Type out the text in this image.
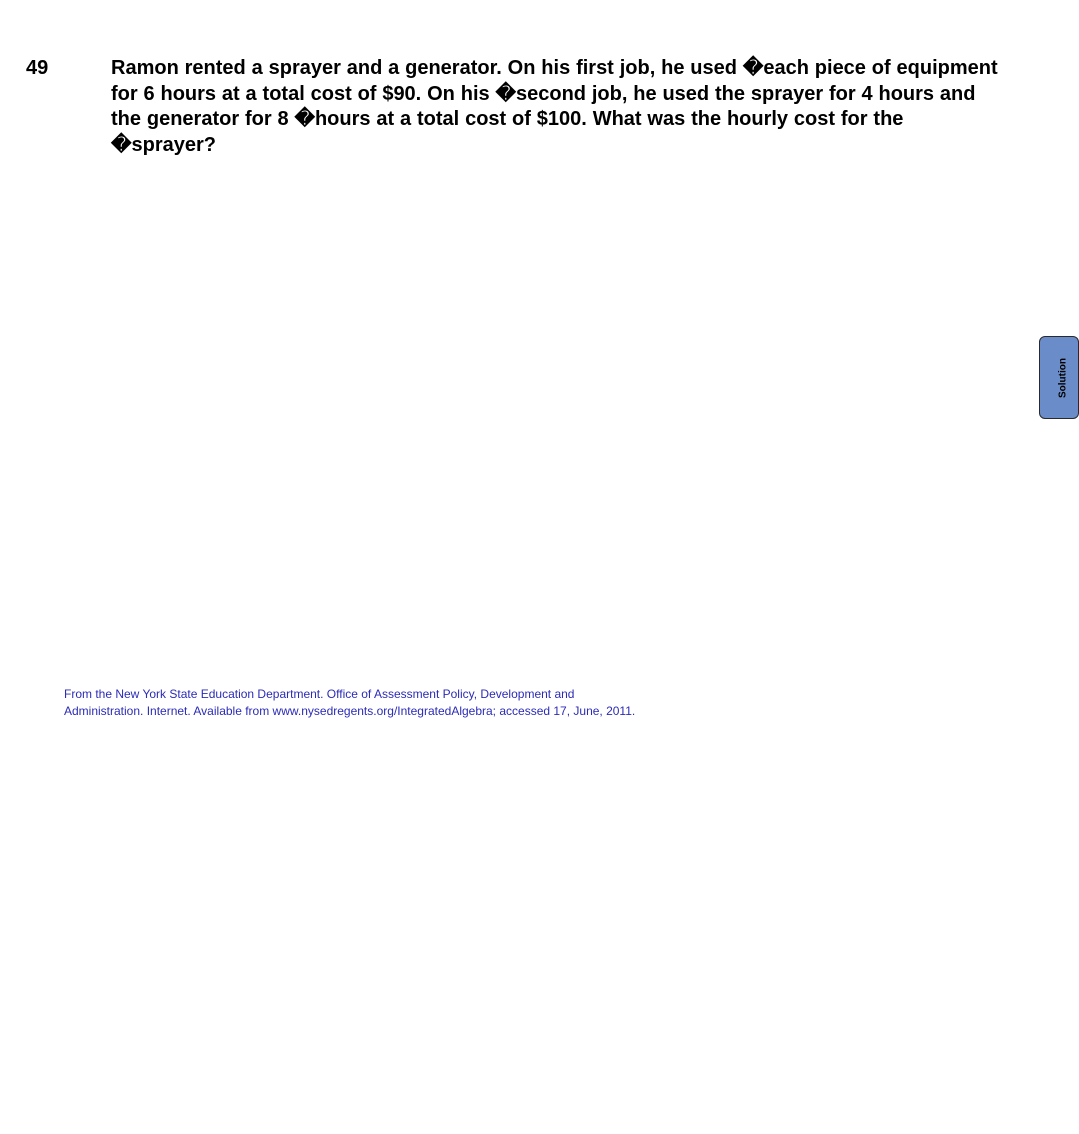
49	Ramon rented a sprayer and a generator. On his first job, he used �each piece of equipment
for 6 hours at a total cost of $90. On his �second job, he used the sprayer for 4 hours and
the generator for 8 �hours at a total cost of $100. What was the hourly cost for the
�sprayer?
From the New York State Education Department. Office of Assessment Policy, Development and
Administration. Internet. Available from www.nysedregents.org/IntegratedAlgebra; accessed 17, June, 2011.
Solution
